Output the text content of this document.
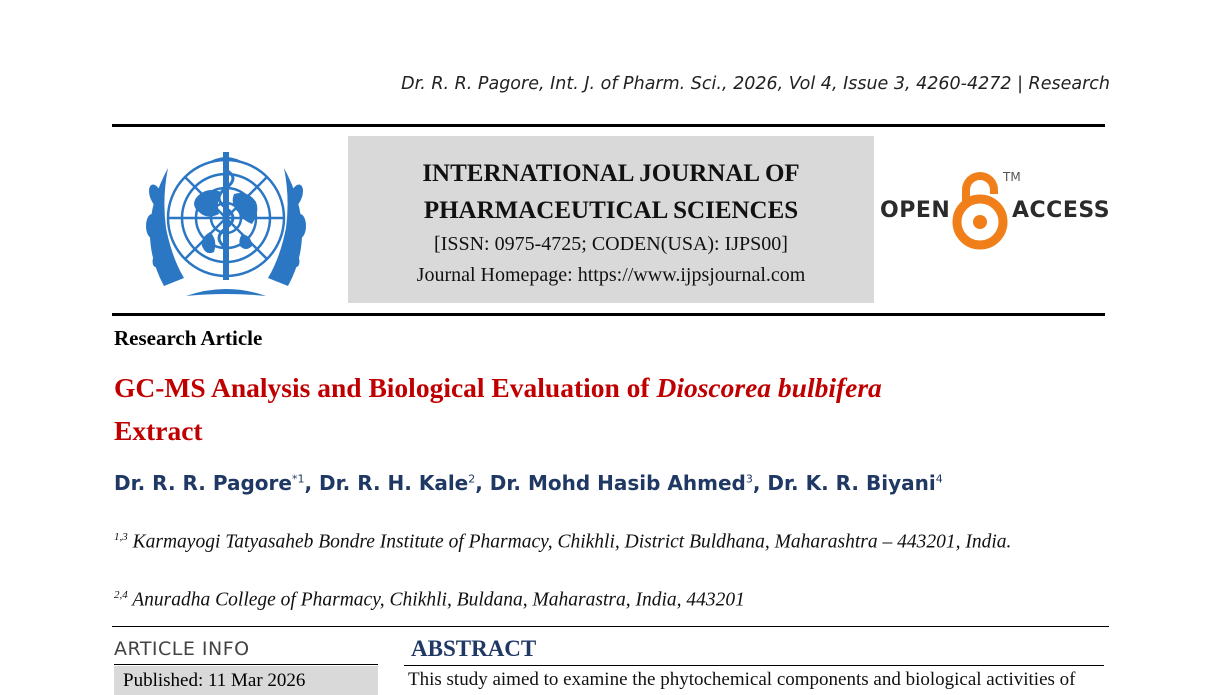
Dr. R. R. Pagore, Int. J. of Pharm. Sci., 2026, Vol 4, Issue 3, 4260-4272 | Research
INTERNATIONAL JOURNAL OF
PHARMACEUTICAL SCIENCES
[ISSN: 0975-4725; CODEN(USA): IJPS00]
Journal Homepage: https://www.ijpsjournal.com
OPEN
TM
ACCESS
Research Article
GC-MS Analysis and Biological Evaluation of Dioscorea bulbifera
Extract
Dr. R. R. Pagore$^{*1}$, Dr. R. H. Kale$^2$, Dr. Mohd Hasib Ahmed$^3$, Dr. K. R. Biyani$^4$
$^{1,3}$ Karmayogi Tatyasaheb Bondre Institute of Pharmacy, Chikhli, District Buldhana, Maharashtra – 443201, India.
$^{2,4}$ Anuradha College of Pharmacy, Chikhli, Buldana, Maharastra, India, 443201
ARTICLE INFO
Published: 11 Mar 2026
ABSTRACT
This study aimed to examine the phytochemical components and biological activities of
